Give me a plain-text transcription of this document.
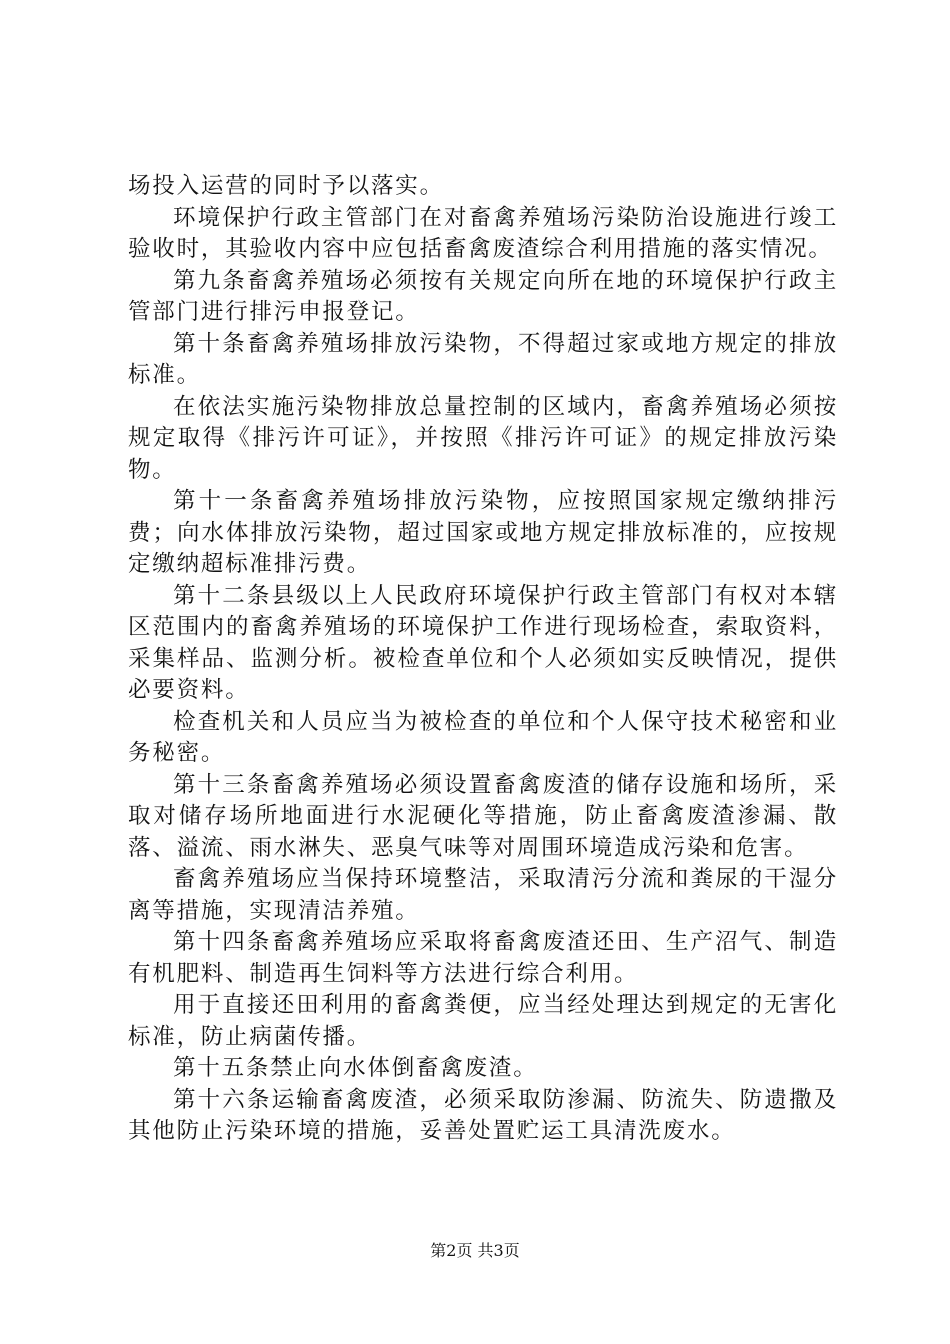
场投入运营的同时予以落实。

环境保护行政主管部门在对畜禽养殖场污染防治设施进行竣工验收时，其验收内容中应包括畜禽废渣综合利用措施的落实情况。

第九条畜禽养殖场必须按有关规定向所在地的环境保护行政主管部门进行排污申报登记。

第十条畜禽养殖场排放污染物，不得超过家或地方规定的排放标准。

在依法实施污染物排放总量控制的区域内，畜禽养殖场必须按规定取得《排污许可证》，并按照《排污许可证》的规定排放污染物。

第十一条畜禽养殖场排放污染物，应按照国家规定缴纳排污费；向水体排放污染物，超过国家或地方规定排放标准的，应按规定缴纳超标准排污费。

第十二条县级以上人民政府环境保护行政主管部门有权对本辖区范围内的畜禽养殖场的环境保护工作进行现场检查，索取资料，采集样品、监测分析。被检查单位和个人必须如实反映情况，提供必要资料。

检查机关和人员应当为被检查的单位和个人保守技术秘密和业务秘密。

第十三条畜禽养殖场必须设置畜禽废渣的储存设施和场所，采取对储存场所地面进行水泥硬化等措施，防止畜禽废渣渗漏、散落、溢流、雨水淋失、恶臭气味等对周围环境造成污染和危害。

畜禽养殖场应当保持环境整洁，采取清污分流和粪尿的干湿分离等措施，实现清洁养殖。

第十四条畜禽养殖场应采取将畜禽废渣还田、生产沼气、制造有机肥料、制造再生饲料等方法进行综合利用。

用于直接还田利用的畜禽粪便，应当经处理达到规定的无害化标准，防止病菌传播。

第十五条禁止向水体倒畜禽废渣。

第十六条运输畜禽废渣，必须采取防渗漏、防流失、防遗撒及其他防止污染环境的措施，妥善处置贮运工具清洗废水。

第2页 共3页
